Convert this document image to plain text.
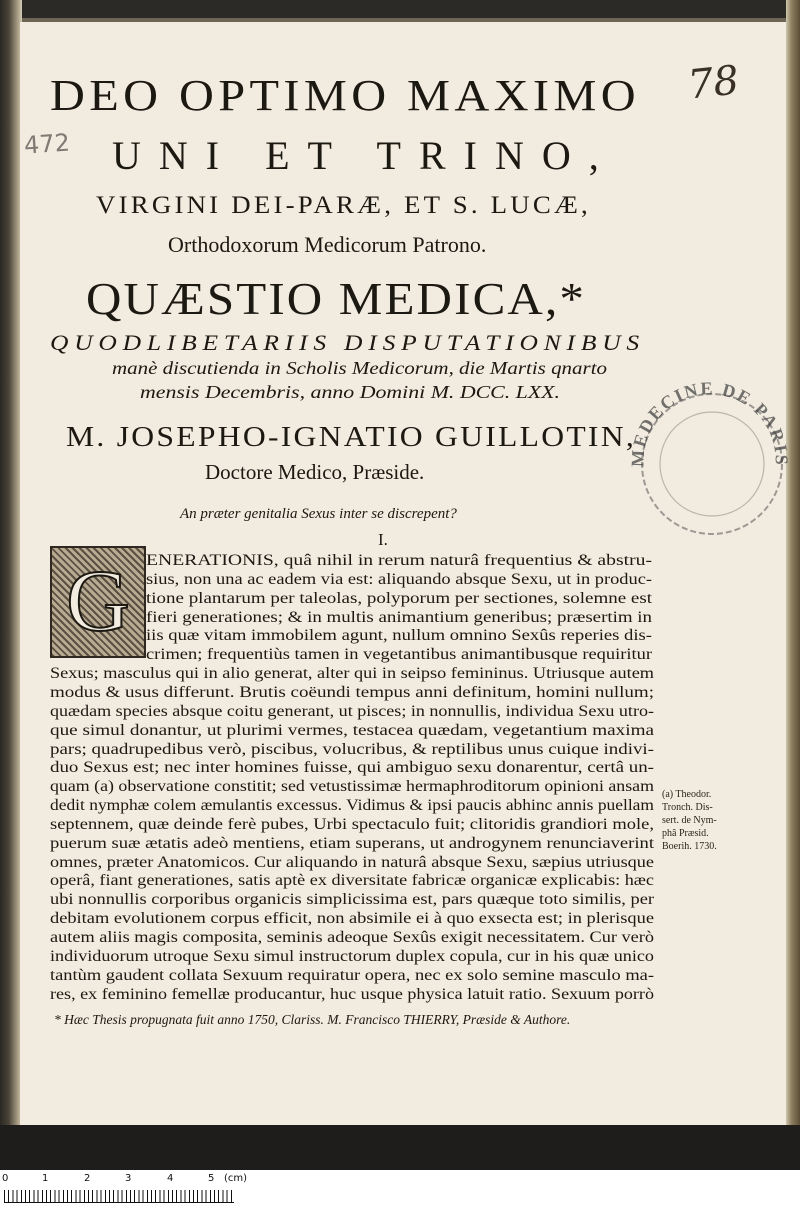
DEO OPTIMO MAXIMO
UNI ET TRINO,
VIRGINI DEI-PARÆ, ET S. LUCÆ,
Orthodoxorum Medicorum Patrono.
QUÆSTIO MEDICA,*
78
472
QUODLIBETARIIS DISPUTATIONIBUS
manè discutienda in Scholis Medicorum, die Martis qnarto
mensis Decembris, anno Domini M. DCC. LXX.
MEDECINE DE PARIS
M. JOSEPHO-IGNATIO GUILLOTIN,
Doctore Medico, Præside.
An præter genitalia Sexus inter se discrepent?
I.
G ENERATIONIS, quâ nihil in rerum naturâ frequentius & abstru-
sius, non una ac eadem via est: aliquando absque Sexu, ut in produc-
tione plantarum per taleolas, polyporum per sectiones, solemne est
fieri generationes; & in multis animantium generibus; præsertim in
iis quæ vitam immobilem agunt, nullum omnino Sexûs reperies dis-
crimen; frequentiùs tamen in vegetantibus animantibusque requiritur
Sexus; masculus qui in alio generat, alter qui in seipso femininus. Utriusque autem
modus & usus differunt. Brutis coëundi tempus anni definitum, homini nullum;
quædam species absque coitu generant, ut pisces; in nonnullis, individua Sexu utro-
que simul donantur, ut plurimi vermes, testacea quædam, vegetantium maxima
pars; quadrupedibus verò, piscibus, volucribus, & reptilibus unus cuique indivi-
duo Sexus est; nec inter homines fuisse, qui ambiguo sexu donarentur, certâ un-
quam (a) observatione constitit; sed vetustissimæ hermaphroditorum opinioni ansam
dedit nymphæ colem æmulantis excessus. Vidimus & ipsi paucis abhinc annis puellam
septennem, quæ deinde ferè pubes, Urbi spectaculo fuit; clitoridis grandiori mole,
puerum suæ ætatis adeò mentiens, etiam superans, ut androgynem renunciaverint
omnes, præter Anatomicos. Cur aliquando in naturâ absque Sexu, sæpius utriusque
operâ, fiant generationes, satis aptè ex diversitate fabricæ organicæ explicabis: hæc
ubi nonnullis corporibus organicis simplicissima est, pars quæque toto similis, per
debitam evolutionem corpus efficit, non absimile ei à quo exsecta est; in plerisque
autem aliis magis composita, seminis adeoque Sexûs exigit necessitatem. Cur verò
individuorum utroque Sexu simul instructorum duplex copula, cur in his quæ unico
tantùm gaudent collata Sexuum requiratur opera, nec ex solo semine masculo ma-
res, ex feminino femellæ producantur, huc usque physica latuit ratio. Sexuum porrò
(a) Theodor.
Tronch. Dis-
sert. de Nym-
phâ Præsid.
Boerih. 1730.
* Hæc Thesis propugnata fuit anno 1750, Clariss. M. Francisco THIERRY, Præside & Authore.
0	1	2	3	4	5 (cm)
